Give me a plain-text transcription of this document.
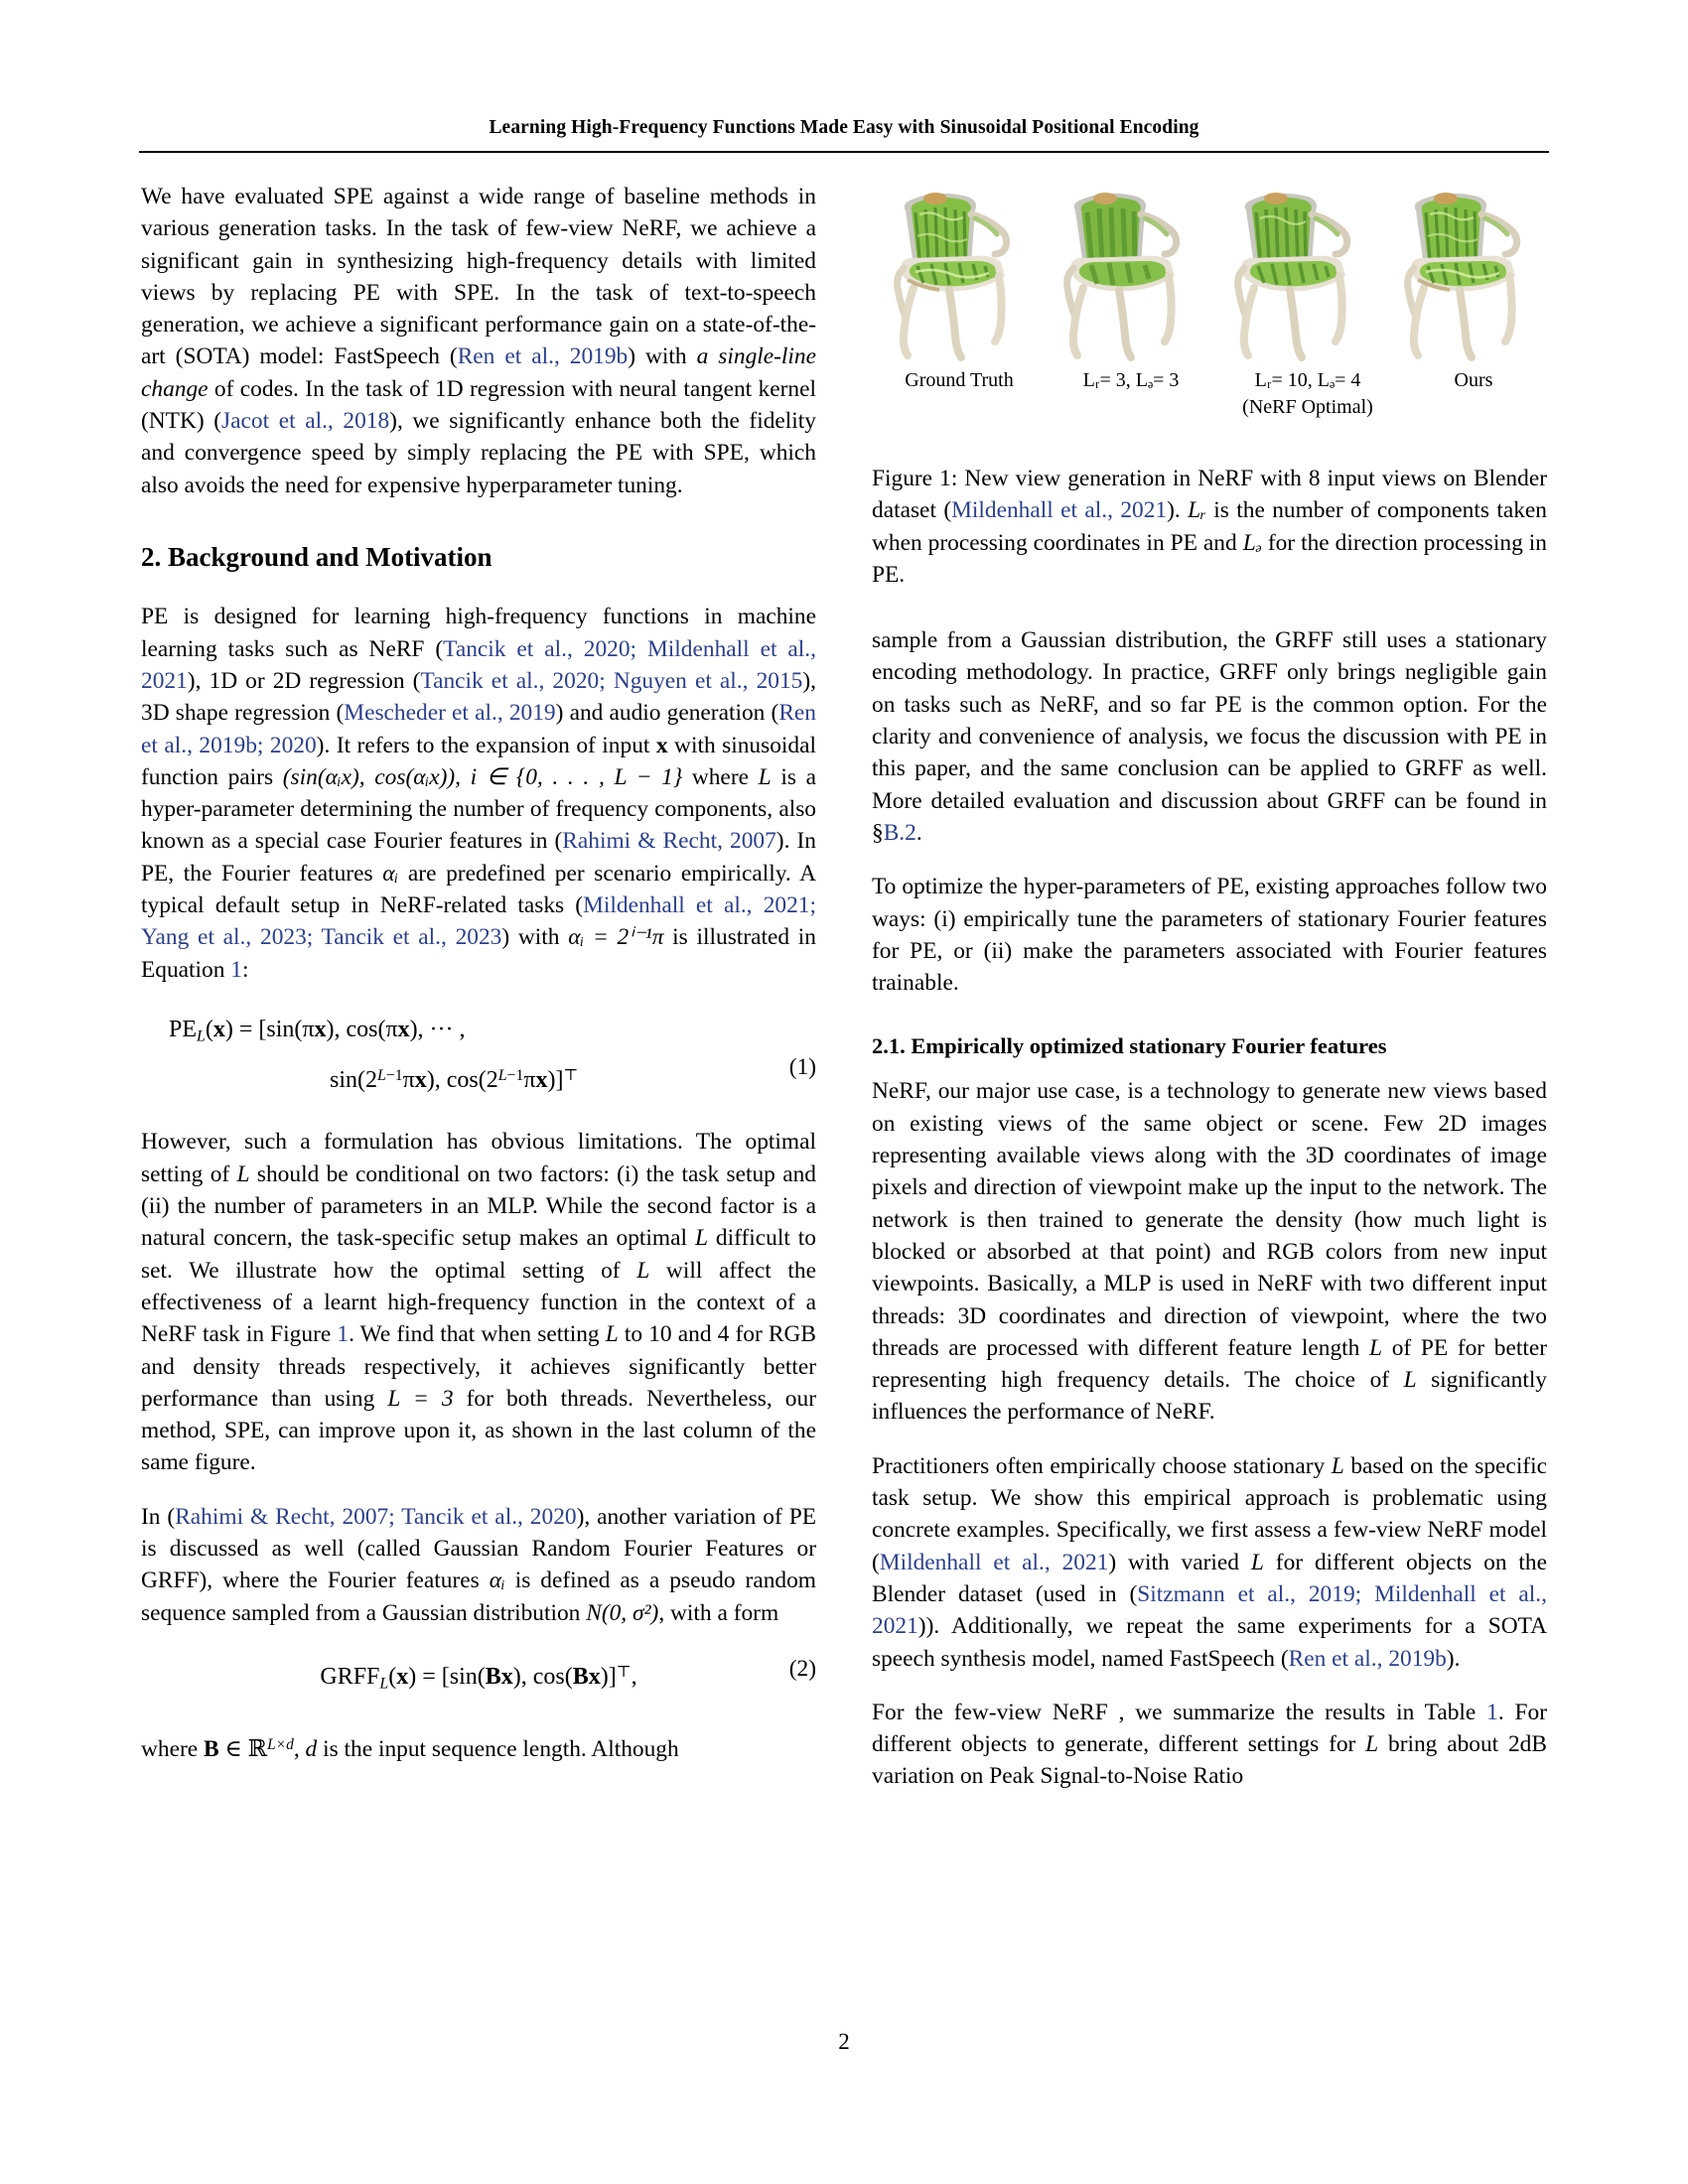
Learning High-Frequency Functions Made Easy with Sinusoidal Positional Encoding

We have evaluated SPE against a wide range of baseline methods in various generation tasks. In the task of few-view NeRF, we achieve a significant gain in synthesizing high-frequency details with limited views by replacing PE with SPE. In the task of text-to-speech generation, we achieve a significant performance gain on a state-of-the-art (SOTA) model: FastSpeech (Ren et al., 2019b) with a single-line change of codes. In the task of 1D regression with neural tangent kernel (NTK) (Jacot et al., 2018), we significantly enhance both the fidelity and convergence speed by simply replacing the PE with SPE, which also avoids the need for expensive hyperparameter tuning.

2. Background and Motivation

PE is designed for learning high-frequency functions in machine learning tasks such as NeRF (Tancik et al., 2020; Mildenhall et al., 2021), 1D or 2D regression (Tancik et al., 2020; Nguyen et al., 2015), 3D shape regression (Mescheder et al., 2019) and audio generation (Ren et al., 2019b; 2020). It refers to the expansion of input x with sinusoidal function pairs (sin(αᵢx), cos(αᵢx)), i ∈ {0, . . . , L − 1} where L is a hyper-parameter determining the number of frequency components, also known as a special case Fourier features in (Rahimi & Recht, 2007). In PE, the Fourier features αᵢ are predefined per scenario empirically. A typical default setup in NeRF-related tasks (Mildenhall et al., 2021; Yang et al., 2023; Tancik et al., 2023) with αᵢ = 2ⁱ⁻¹π is illustrated in Equation 1:

$PE_L(x) = [\sin(\pi x)$, cos(πx), ··· ,
$\sin(2^{L-1}\pi x)$, $\cos(2^{L-1}\pi x)]^⊤$	(1)

However, such a formulation has obvious limitations. The optimal setting of L should be conditional on two factors: (i) the task setup and (ii) the number of parameters in an MLP. While the second factor is a natural concern, the task-specific setup makes an optimal L difficult to set. We illustrate how the optimal setting of L will affect the effectiveness of a learnt high-frequency function in the context of a NeRF task in Figure 1. We find that when setting L to 10 and 4 for RGB and density threads respectively, it achieves significantly better performance than using L = 3 for both threads. Nevertheless, our method, SPE, can improve upon it, as shown in the last column of the same figure.

In (Rahimi & Recht, 2007; Tancik et al., 2020), another variation of PE is discussed as well (called Gaussian Random Fourier Features or GRFF), where the Fourier features αᵢ is defined as a pseudo random sequence sampled from a Gaussian distribution Ν(0, σ²), with a form

$GRFF_L(x) = [\sin(Bx)$, cos(Bx)]⊤,	(2)

where B ∈ ℝ$^{L\times d}$, d is the input sequence length. Although

Ground Truth	Lᵣ= 3, Lₔ= 3	Lᵣ= 10, Lₔ= 4
(NeRF Optimal)
Ours
Figure 1: New view generation in NeRF with 8 input views on Blender dataset (Mildenhall et al., 2021). Lᵣ is the number of components taken when processing coordinates in PE and Lₔ for the direction processing in PE.

sample from a Gaussian distribution, the GRFF still uses a stationary encoding methodology. In practice, GRFF only brings negligible gain on tasks such as NeRF, and so far PE is the common option. For the clarity and convenience of analysis, we focus the discussion with PE in this paper, and the same conclusion can be applied to GRFF as well. More detailed evaluation and discussion about GRFF can be found in §B.2.

To optimize the hyper-parameters of PE, existing approaches follow two ways: (i) empirically tune the parameters of stationary Fourier features for PE, or (ii) make the parameters associated with Fourier features trainable.

2.1. Empirically optimized stationary Fourier features

NeRF, our major use case, is a technology to generate new views based on existing views of the same object or scene. Few 2D images representing available views along with the 3D coordinates of image pixels and direction of viewpoint make up the input to the network. The network is then trained to generate the density (how much light is blocked or absorbed at that point) and RGB colors from new input viewpoints. Basically, a MLP is used in NeRF with two different input threads: 3D coordinates and direction of viewpoint, where the two threads are processed with different feature length L of PE for better representing high frequency details. The choice of L significantly influences the performance of NeRF.

Practitioners often empirically choose stationary L based on the specific task setup. We show this empirical approach is problematic using concrete examples. Specifically, we first assess a few-view NeRF model (Mildenhall et al., 2021) with varied L for different objects on the Blender dataset (used in (Sitzmann et al., 2019; Mildenhall et al., 2021)). Additionally, we repeat the same experiments for a SOTA speech synthesis model, named FastSpeech (Ren et al., 2019b).

For the few-view NeRF , we summarize the results in Table 1. For different objects to generate, different settings for L bring about 2dB variation on Peak Signal-to-Noise Ratio

2
